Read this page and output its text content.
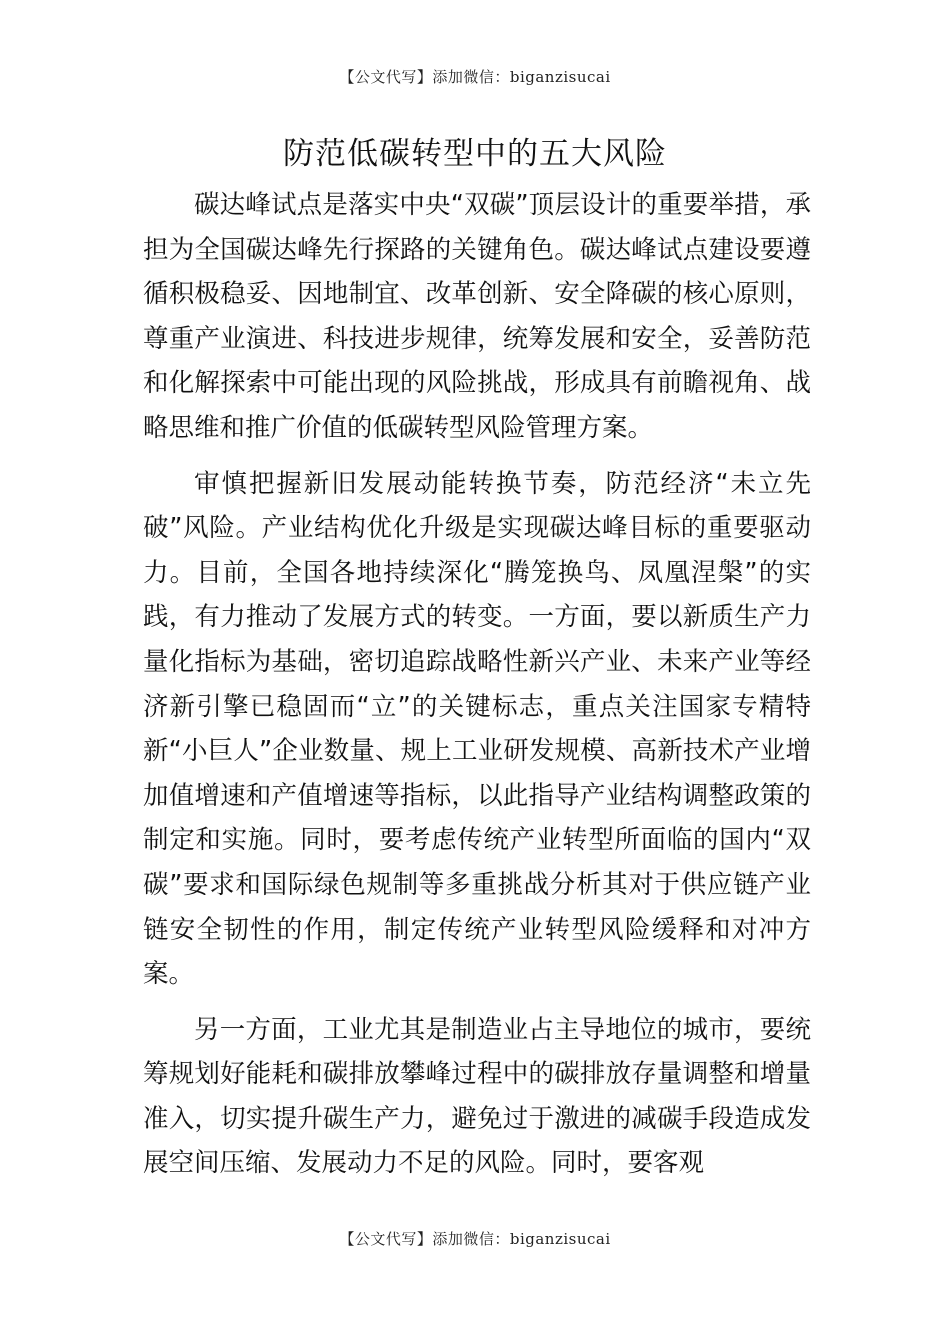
【公文代写】添加微信：biganzisucai
防范低碳转型中的五大风险

碳达峰试点是落实中央“双碳”顶层设计的重要举措，承担为全国碳达峰先行探路的关键角色。碳达峰试点建设要遵循积极稳妥、因地制宜、改革创新、安全降碳的核心原则，尊重产业演进、科技进步规律，统筹发展和安全，妥善防范和化解探索中可能出现的风险挑战，形成具有前瞻视角、战略思维和推广价值的低碳转型风险管理方案。

审慎把握新旧发展动能转换节奏，防范经济“未立先破”风险。产业结构优化升级是实现碳达峰目标的重要驱动力。目前，全国各地持续深化“腾笼换鸟、凤凰涅槃”的实践，有力推动了发展方式的转变。一方面，要以新质生产力量化指标为基础，密切追踪战略性新兴产业、未来产业等经济新引擎已稳固而“立”的关键标志，重点关注国家专精特新“小巨人”企业数量、规上工业研发规模、高新技术产业增加值增速和产值增速等指标，以此指导产业结构调整政策的制定和实施。同时，要考虑传统产业转型所面临的国内“双碳”要求和国际绿色规制等多重挑战分析其对于供应链产业链安全韧性的作用，制定传统产业转型风险缓释和对冲方案。

另一方面，工业尤其是制造业占主导地位的城市，要统筹规划好能耗和碳排放攀峰过程中的碳排放存量调整和增量准入，切实提升碳生产力，避免过于激进的减碳手段造成发展空间压缩、发展动力不足的风险。同时，要客观

【公文代写】添加微信：biganzisucai
